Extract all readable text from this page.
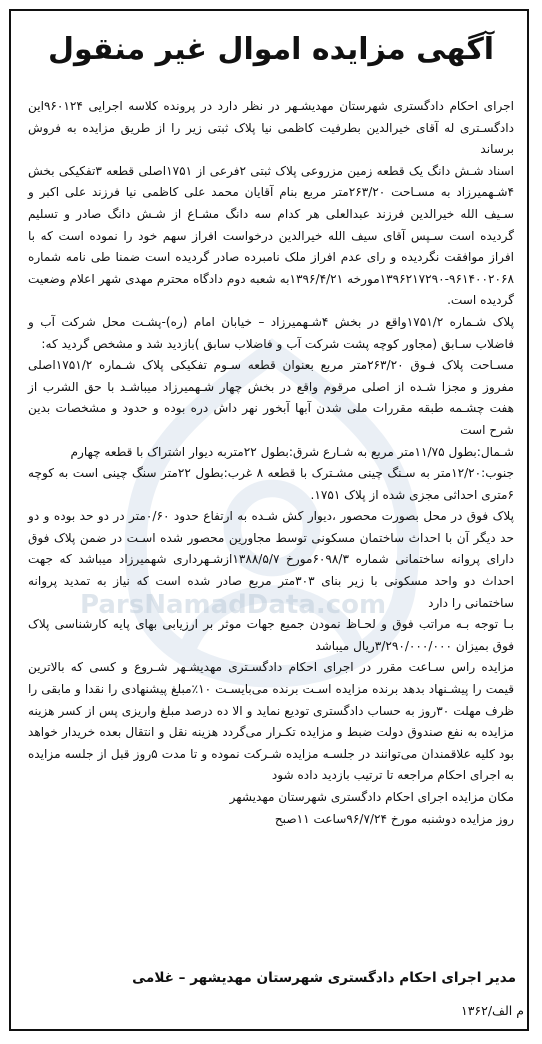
ParsNamadData.com
آگهی مزایده اموال غیر منقول

اجرای احکام دادگستری شهرستان مهدیشـهر در نظر دارد در پرونده کلاسه اجرایی ۹۶۰۱۲۴این دادگسـتری له آقای خیرالدین بطرفیت کاظمی نیا پلاک ثبتی زیر را از طریق مزایده به فروش برساند

اسناد شـش دانگ یک قطعه زمین مزروعی پلاک ثبتی ۲فرعی از ۱۷۵۱اصلی قطعه ۳تفکیکی بخش ۴شـهمیرزاد به مسـاحت ۲۶۳/۲۰متر مربع بنام آقایان محمد علی کاظمی نیا فرزند علی اکبر و سـیف الله خیرالدین فرزند عبدالعلی هر کدام سه دانگ مشـاع از شـش دانگ صادر و تسلیم گردیده است سـپس آقای سیف الله خیرالدین درخواست افراز سهم خود را نموده است که با افراز موافقت نگردیده و رای عدم افراز ملک نامبرده صادر گردیده است ضمنا طی نامه شماره ۹۶۱۴۰۰۲۰۶۸-۱۳۹۶۲۱۷۲۹۰مورخه ۱۳۹۶/۴/۲۱به شعبه دوم دادگاه محترم مهدی شهر اعلام وضعیت گردیده است.

پلاک شـماره ۱۷۵۱/۲واقع در بخش ۴شـهمیرزاد – خیابان امام (ره)-پشـت محل شرکت آب و فاضلاب سـابق (مجاور کوچه پشت شرکت آب و فاضلاب سابق )بازدید شد و مشخص گردید که:

مسـاحت پلاک فـوق ۲۶۳/۲۰متر مربع بعنوان قطعه سـوم تفکیکی پلاک شـماره ۱۷۵۱/۲اصلی مفروز و مجزا شـده از اصلی مرقوم واقع در بخش چهار شـهمیرزاد میباشـد با حق الشرب از هفت چشـمه طبقه مقررات ملی شدن آبها آبخور نهر داش دره بوده و حدود و مشخصات بدین شرح است

شـمال:بطول ۱۱/۷۵متر مربع به شـارع شرق:بطول ۲۲متربه دیوار اشتراک با قطعه چهارم

جنوب:۱۲/۲۰متر به سـنگ چینی مشـترک با قطعه ۸ غرب:بطول ۲۲متر سنگ چینی است به کوچه ۶متری احداثی مجزی شده از پلاک ۱۷۵۱.

پلاک فوق در محل بصورت محصور ،دیوار کش شـده به ارتفاع حدود ۰/۶۰متر در دو حد بوده و دو حد دیگر آن با احداث ساختمان مسکونی توسط مجاورین محصور شده اسـت در ضمن پلاک فوق دارای پروانه ساختمانی شماره ۶۰۹۸/۳مورخ ۱۳۸۸/۵/۷ازشـهرداری شهمیرزاد میباشد که جهت احداث دو واحد مسکونی با زیر بنای ۳۰۳متر مربع صادر شده است که نیاز به تمدید پروانه ساختمانی را دارد

بـا توجه بـه مراتب فوق و لحـاظ نمودن جمیع جهات موثر بر ارزیابی بهای پایه کارشناسی پلاک فوق بمیزان ۳/۲۹۰/۰۰۰/۰۰۰ریال میباشد

مزایده راس سـاعت مقرر در اجرای احکام دادگسـتری مهدیشـهر شـروع و کسی که بالاترین قیمت را پیشـنهاد بدهد برنده مزایده اسـت برنده می‌بایسـت ۱۰٪مبلغ پیشنهادی را نقدا و مابقی را ظرف مهلت ۳۰روز به حساب دادگستری تودیع نماید و الا ده درصد مبلغ واریزی پس از کسر هزینه مزایده به نفع صندوق دولت ضبط و مزایده تکـرار می‌گردد هزینه نقل و انتقال بعده خریدار خواهد بود کلیه علاقمندان می‌توانند در جلسـه مزایده شـرکت نموده و تا مدت ۵روز قبل از جلسه مزایده به اجرای احکام مراجعه تا ترتیب بازدید داده شود

مکان مزایده اجرای احکام دادگستری شهرستان مهدیشهر

روز مزایده دوشنبه مورخ ۹۶/۷/۲۴ساعت ۱۱صبح

مدیر اجرای احکام دادگستری شهرستان مهدیشهر – غلامی
م الف/۱۳۶۲
